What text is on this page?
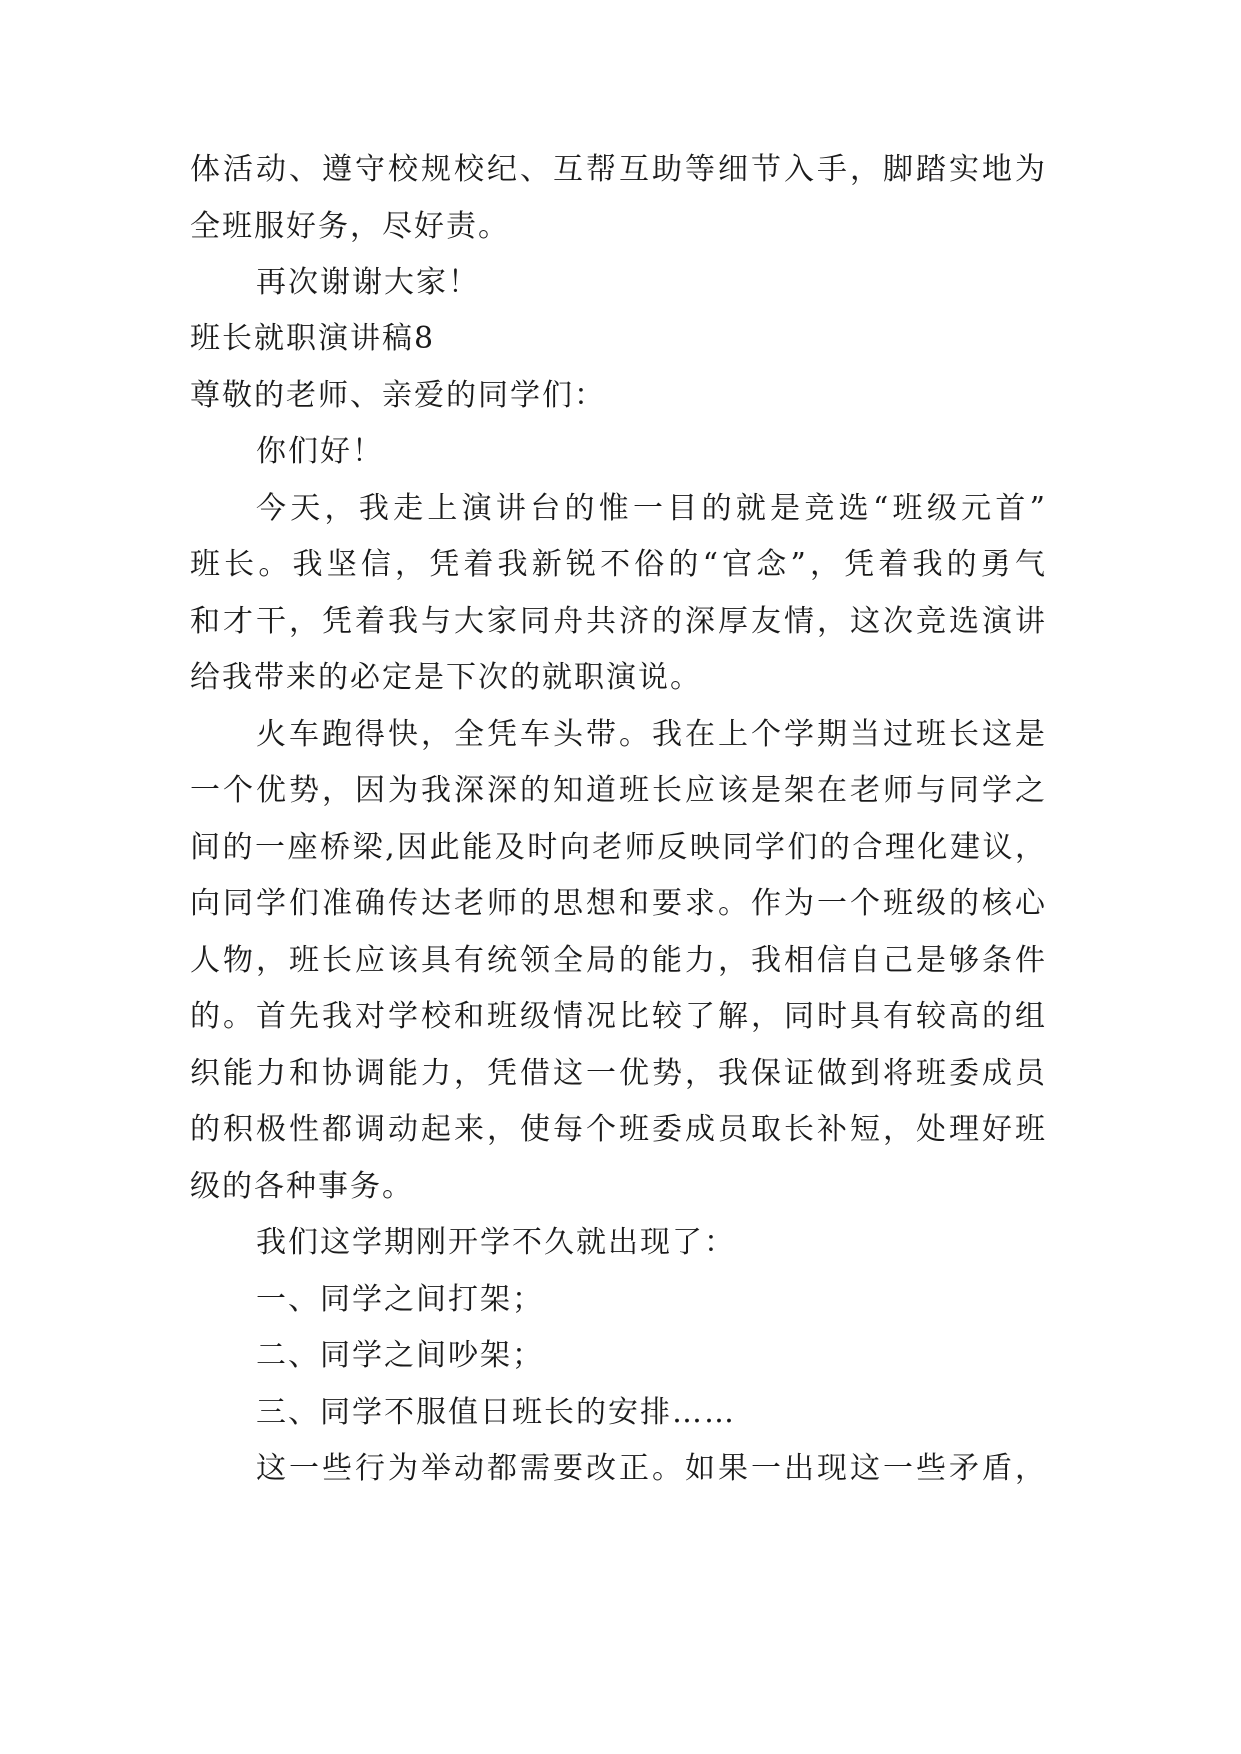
体活动、遵守校规校纪、互帮互助等细节入手，脚踏实地为
全班服好务，尽好责。
再次谢谢大家！
班长就职演讲稿8
尊敬的老师、亲爱的同学们：
你们好！
今天，我走上演讲台的惟一目的就是竞选“班级元首”
班长。我坚信，凭着我新锐不俗的“官念”，凭着我的勇气
和才干，凭着我与大家同舟共济的深厚友情，这次竞选演讲
给我带来的必定是下次的就职演说。
火车跑得快，全凭车头带。我在上个学期当过班长这是
一个优势，因为我深深的知道班长应该是架在老师与同学之
间的一座桥梁,因此能及时向老师反映同学们的合理化建议，
向同学们准确传达老师的思想和要求。作为一个班级的核心
人物，班长应该具有统领全局的能力，我相信自己是够条件
的。首先我对学校和班级情况比较了解，同时具有较高的组
织能力和协调能力，凭借这一优势，我保证做到将班委成员
的积极性都调动起来，使每个班委成员取长补短，处理好班
级的各种事务。
我们这学期刚开学不久就出现了：
一、同学之间打架；
二、同学之间吵架；
三、同学不服值日班长的安排……
这一些行为举动都需要改正。如果一出现这一些矛盾，
